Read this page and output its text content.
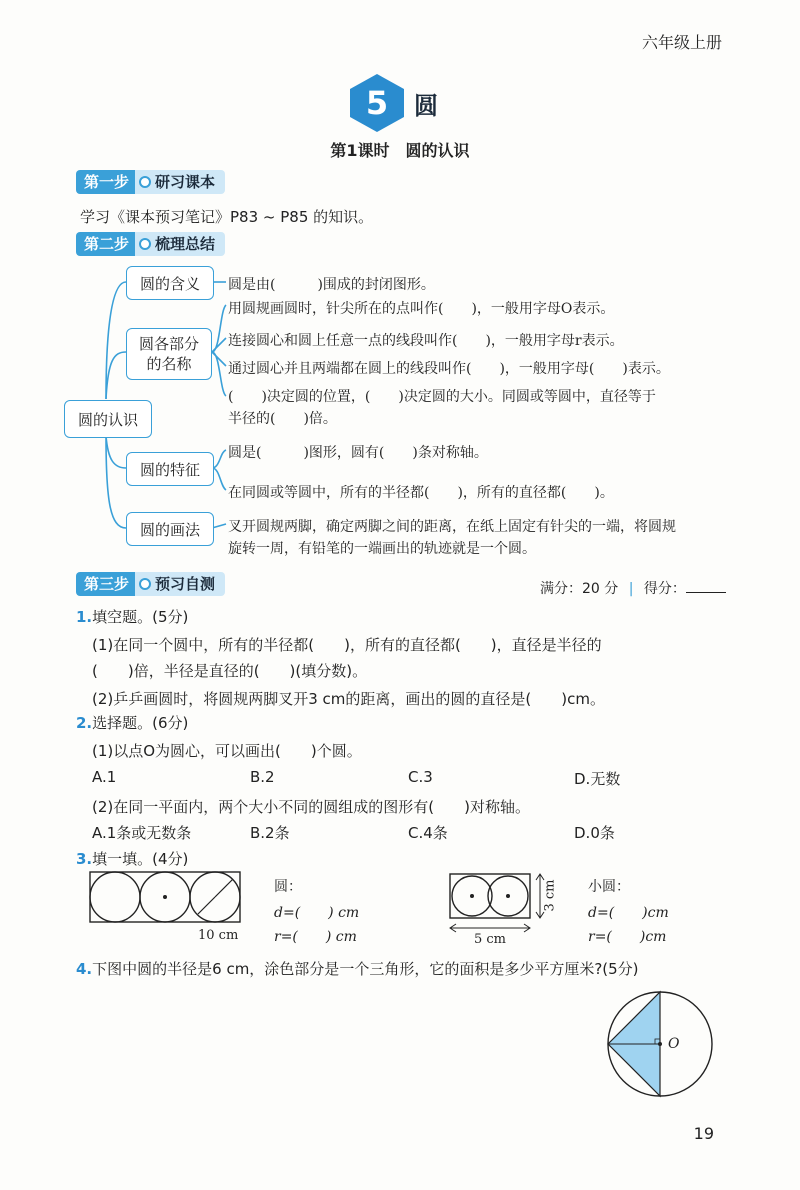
六年级上册
5 圆
第1课时　圆的认识
第一步	研习课本
学习《课本预习笔记》P83 ~ P85 的知识。
第二步	梳理总结
圆的认识
圆的含义
圆各部分的名称
圆的特征
圆的画法
圆是由(　　　)围成的封闭图形。
用圆规画圆时，针尖所在的点叫作(　　)，一般用字母O表示。
连接圆心和圆上任意一点的线段叫作(　　)，一般用字母r表示。
通过圆心并且两端都在圆上的线段叫作(　　)，一般用字母(　　)表示。
(　　)决定圆的位置，(　　)决定圆的大小。同圆或等圆中，直径等于
半径的(　　)倍。
圆是(　　　)图形，圆有(　　)条对称轴。
在同圆或等圆中，所有的半径都(　　)，所有的直径都(　　)。
叉开圆规两脚，确定两脚之间的距离，在纸上固定有针尖的一端，将圆规
旋转一周，有铅笔的一端画出的轨迹就是一个圆。
第三步	预习自测	满分：20 分 | 得分：
1.填空题。(5分)
(1)在同一个圆中，所有的半径都(　　)，所有的直径都(　　)，直径是半径的
(　　)倍，半径是直径的(　　)(填分数)。
(2)乒乒画圆时，将圆规两脚叉开3 cm的距离，画出的圆的直径是(　　)cm。
2.选择题。(6分)
(1)以点O为圆心，可以画出(　　)个圆。
A.1	B.2	C.3	D.无数
(2)在同一平面内，两个大小不同的圆组成的图形有(　　)对称轴。
A.1条或无数条	B.2条	C.4条	D.0条
3.填一填。(4分)
10 cm
圆：
d=(　　) cm
r=(　　) cm	5 cm
3 cm 小圆：
d=(　　)cm
r=(　　)cm
4.下图中圆的半径是6 cm，涂色部分是一个三角形，它的面积是多少平方厘米?(5分)
O
19
